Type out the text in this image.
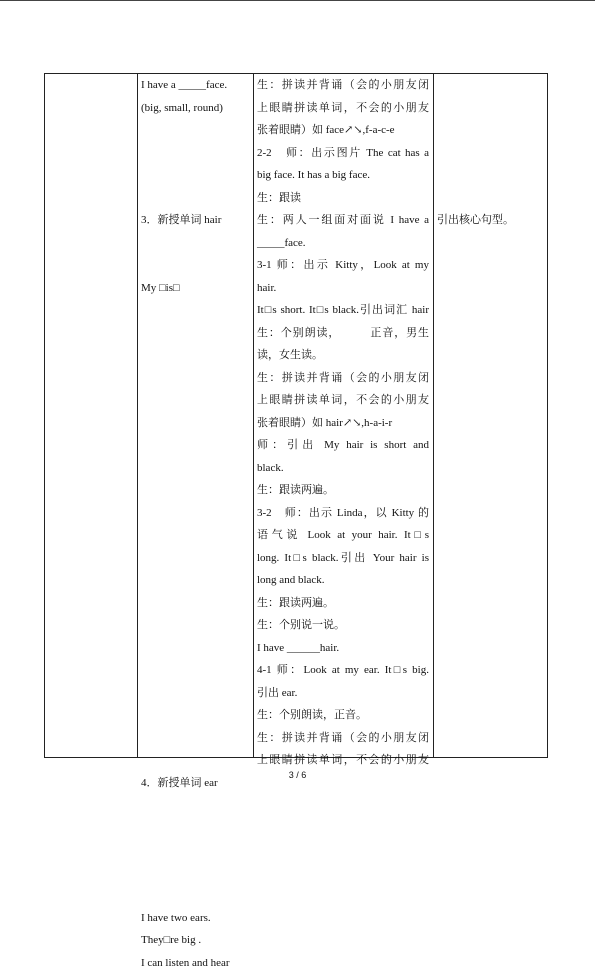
I have a _____face.
(big, small, round)
3．新授单词 hair
My □is□
4．新授单词 ear
I have two ears.
They□re big .
I can listen and hear
生：拼读并背诵（会的小朋友闭
上眼睛拼读单词，不会的小朋友
张着眼睛）如 face↗↘,f-a-c-e
2-2　师：出示图片 The cat has a
big face. It has a big face.
生：跟读
生：两人一组面对面说 I have a
_____face.
3-1 师：出示 Kitty，Look at my
hair.
It□s short. It□s black.引出词汇 hair
生：个别朗读，　　　正音，男生
读，女生读。
生：拼读并背诵（会的小朋友闭
上眼睛拼读单词，不会的小朋友
张着眼睛）如 hair↗↘,h-a-i-r
师：引出 My hair is short and
black.
生：跟读两遍。
3-2　师：出示 Linda，以 Kitty 的
语气说 Look at your hair. It□s
long. It□s black.引出 Your hair is
long and black.
生：跟读两遍。
生：个别说一说。
I have ______hair.
4-1 师：Look at my ear. It□s big.
引出 ear.
生：个别朗读，正音。
生：拼读并背诵（会的小朋友闭
上眼睛拼读单词，不会的小朋友
引出核心句型。
3 / 6
